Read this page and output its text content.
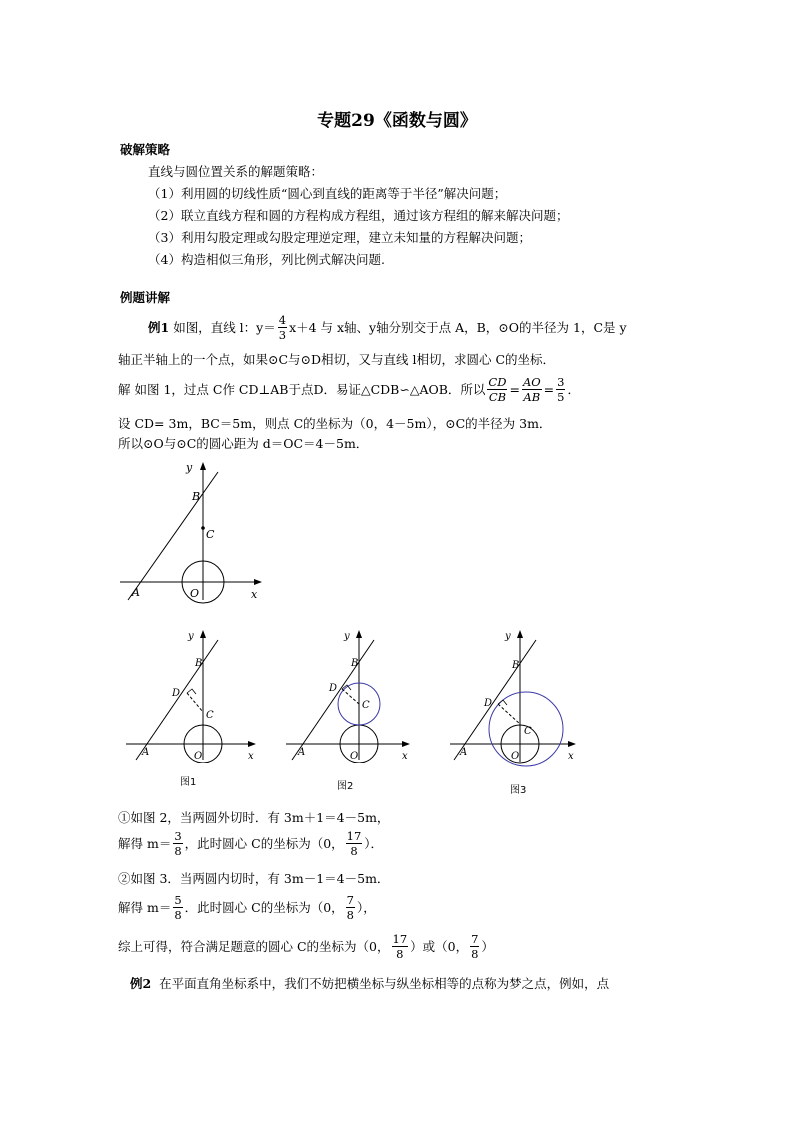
专题29《函数与圆》
破解策略
直线与圆位置关系的解题策略：
（1）利用圆的切线性质“圆心到直线的距离等于半径”解决问题；
（2）联立直线方程和圆的方程构成方程组，通过该方程组的解来解决问题；
（3）利用勾股定理或勾股定理逆定理，建立未知量的方程解决问题；
（4）构造相似三角形，列比例式解决问题.
例题讲解
例1
如图，直线 l：$y= \frac{4}{3} x+4$ 与 x轴、y轴分别交于点 A，B，⊙O的半径为 1，C是 y
轴正半轴上的一个点，如果⊙C与⊙D相切，又与直线 l相切，求圆心 C的坐标．
解 如图 1，过点 C作 CD⊥AB于点D．易证△CDB∽△AOB．所以 $\frac{CD}{CB} = \frac{AO}{AB} = \frac{3}{5}$ ．
设 CD= 3m，BC＝5m，则点 C的坐标为（0，4－5m），⊙C的半径为 3m．
所以⊙O与⊙C的圆心距为 d＝OC＝4－5m．
y
B
C
A	O	x
y
B
D
C
A	O	x
图1
y
B
D
C
A	O	x
图2
y
B
D
C
A	O	x
图3
①如图 2，当两圆外切时．有 3m＋1＝4－5m，
解得 $m= \frac{3}{8}$ ，此时圆心 C的坐标为（0， $\frac{17}{8}$ ）．
②如图 3．当两圆内切时，有 3m－1＝4－5m．
解得 $m= \frac{5}{8}$ ．此时圆心 C的坐标为（0， $\frac{7}{8}$ ），
综上可得，符合满足题意的圆心 C的坐标为（0， $\frac{17}{8}$ ）或（0， $\frac{7}{8}$ ）
例2 在平面直角坐标系中，我们不妨把横坐标与纵坐标相等的点称为梦之点，例如，点
